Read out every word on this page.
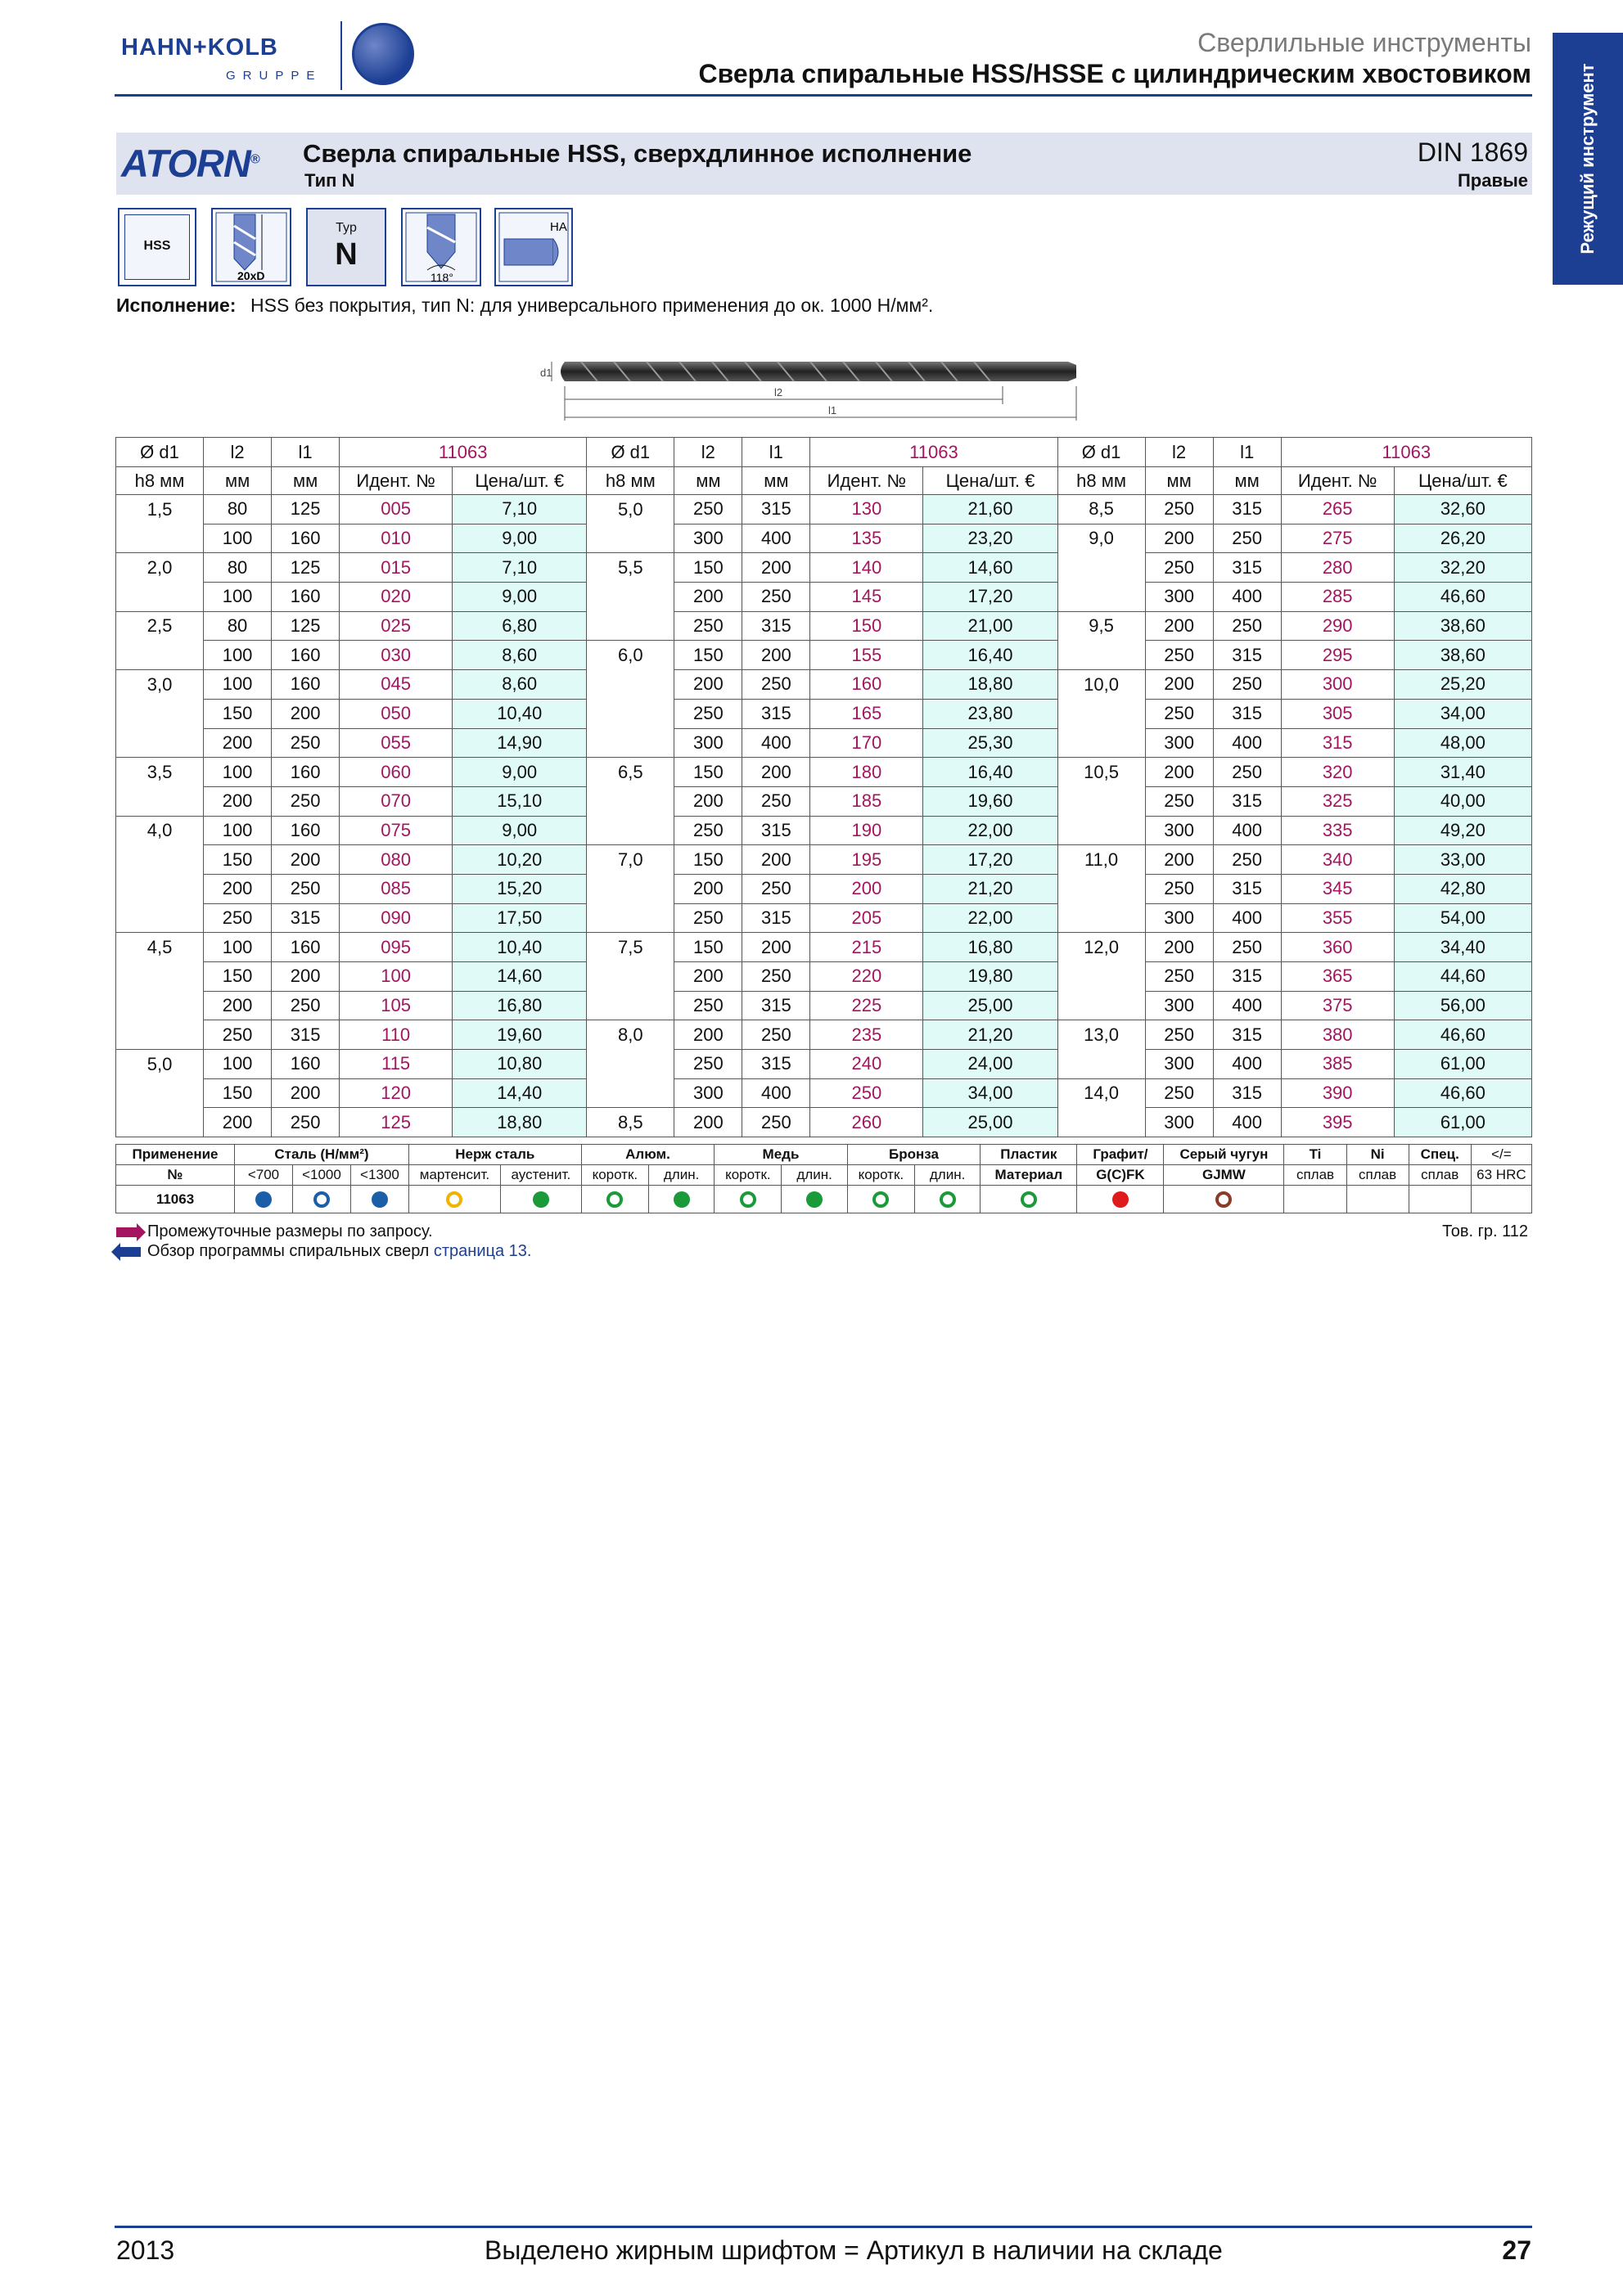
HAHN+KOLB
GRUPPE
Сверлильные инструменты
Сверла спиральные HSS/HSSE с цилиндрическим хвостовиком	Режущий инструмент
ATORN® Сверла спиральные HSS, сверхдлинное исполнение
Тип N
DIN 1869
Правые
HSS
20xD
Typ
N
118°
HA
Исполнение: HSS без покрытия, тип N: для универсального применения до ок. 1000 Н/мм².
d1
l2
l1
Ø d1	l2	l1	11063		Ø d1	l2	l1	11063		Ø d1	l2	l1	11063	
h8 мм	мм	мм	Идент. №	Цена/шт. €	h8 мм	мм	мм	Идент. №	Цена/шт. €	h8 мм	мм	мм	Идент. №	Цена/шт. €
1,5	80	125	005	7,10	5,0	250	315	130	21,60	8,5	250	315	265	32,60
	100	160	010	9,00		300	400	135	23,20	9,0	200	250	275	26,20
2,0	80	125	015	7,10	5,5	150	200	140	14,60		250	315	280	32,20
	100	160	020	9,00		200	250	145	17,20		300	400	285	46,60
2,5	80	125	025	6,80		250	315	150	21,00	9,5	200	250	290	38,60
	100	160	030	8,60	6,0	150	200	155	16,40		250	315	295	38,60
3,0	100	160	045	8,60		200	250	160	18,80	10,0	200	250	300	25,20
	150	200	050	10,40		250	315	165	23,80		250	315	305	34,00
	200	250	055	14,90		300	400	170	25,30		300	400	315	48,00
3,5	100	160	060	9,00	6,5	150	200	180	16,40	10,5	200	250	320	31,40
	200	250	070	15,10		200	250	185	19,60		250	315	325	40,00
4,0	100	160	075	9,00		250	315	190	22,00		300	400	335	49,20
	150	200	080	10,20	7,0	150	200	195	17,20	11,0	200	250	340	33,00
	200	250	085	15,20		200	250	200	21,20		250	315	345	42,80
	250	315	090	17,50		250	315	205	22,00		300	400	355	54,00
4,5	100	160	095	10,40	7,5	150	200	215	16,80	12,0	200	250	360	34,40
	150	200	100	14,60		200	250	220	19,80		250	315	365	44,60
	200	250	105	16,80		250	315	225	25,00		300	400	375	56,00
	250	315	110	19,60	8,0	200	250	235	21,20	13,0	250	315	380	46,60
5,0	100	160	115	10,80		250	315	240	24,00		300	400	385	61,00
	150	200	120	14,40		300	400	250	34,00	14,0	250	315	390	46,60
	200	250	125	18,80	8,5	200	250	260	25,00		300	400	395	61,00
Применение	Сталь (Н/мм²)			Нерж сталь		Алюм.		Медь		Бронза		Пластик	Графит/	Серый чугун	Ti	Ni	Спец.	</=
№	<700	<1000	<1300	мартенсит.	аустенит.	коротк.	длин.	коротк.	длин.	коротк.	длин.	Материал	G(C)FK	GJMW	сплав	сплав	сплав	63 HRC
11063																		
Промежуточные размеры по запросу.
Обзор программы спиральных сверл страница 13.
Тов. гр. 112
2013	Выделено жирным шрифтом = Артикул в наличии на складе	27
